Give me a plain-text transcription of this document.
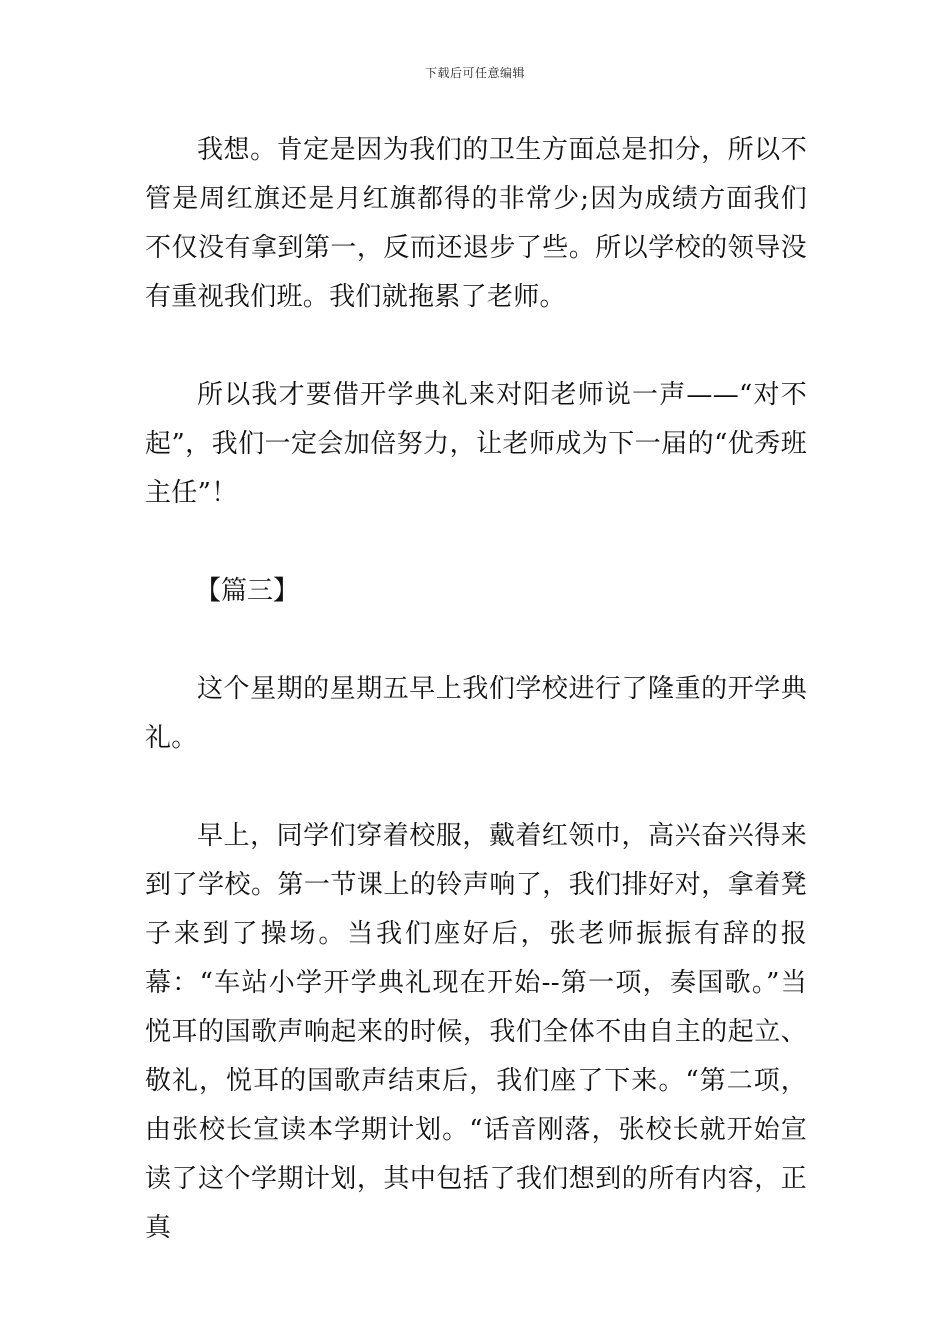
下载后可任意编辑

我想。肯定是因为我们的卫生方面总是扣分，所以不管是周红旗还是月红旗都得的非常少;因为成绩方面我们不仅没有拿到第一，反而还退步了些。所以学校的领导没有重视我们班。我们就拖累了老师。

所以我才要借开学典礼来对阳老师说一声——“对不起”，我们一定会加倍努力，让老师成为下一届的“优秀班主任”！

【篇三】

这个星期的星期五早上我们学校进行了隆重的开学典礼。

早上，同学们穿着校服，戴着红领巾，高兴奋兴得来到了学校。第一节课上的铃声响了，我们排好对，拿着凳子来到了操场。当我们座好后，张老师振振有辞的报幕：“车站小学开学典礼现在开始--第一项，奏国歌。”当悦耳的国歌声响起来的时候，我们全体不由自主的起立、敬礼，悦耳的国歌声结束后，我们座了下来。“第二项，由张校长宣读本学期计划。“话音刚落，张校长就开始宣读了这个学期计划，其中包括了我们想到的所有内容，正真
